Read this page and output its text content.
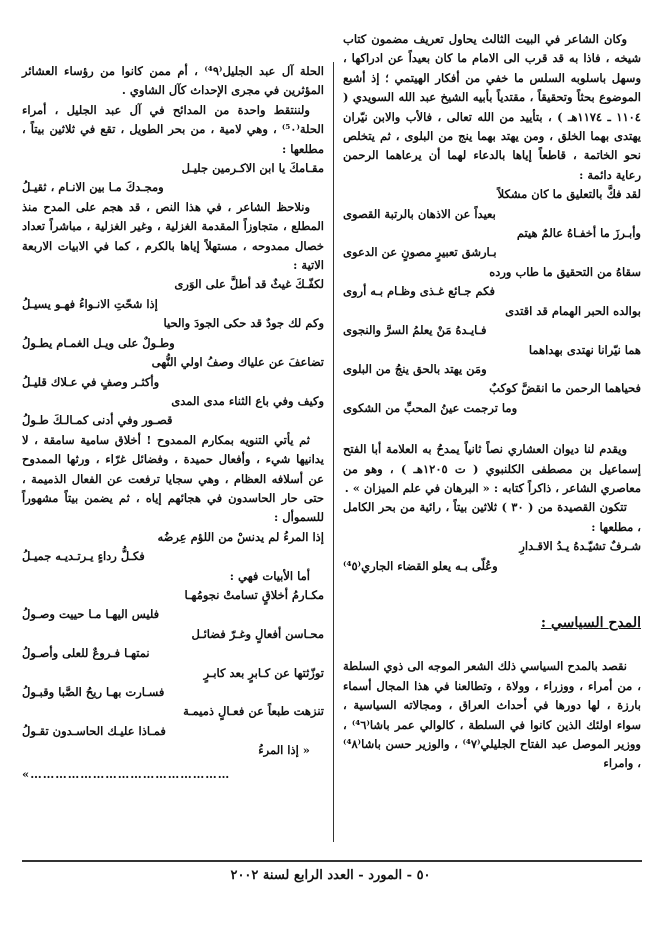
وكان الشاعر في البيت الثالث يحاول تعريف مضمون كتاب شيخه ، فاذا به قد قرب الى الامام ما كان بعيداً عن ادراكها ، وسهل باسلوبه السلس ما خفي من أفكار الهيتمي ؛ إذ أشبع الموضوع بحثاً وتحقيقاً ، مقتدياً بأبيه الشيخ عبد الله السويدي ( ١١٠٤ ـ ١١٧٤هـ ) ، بتأييد من الله تعالى ، فالأب والابن نيّران يهتدى بهما الخلق ، ومن يهتد بهما ينج من البلوى ، ثم يتخلص نحو الخاتمة ، قاطعاً إياها بالدعاء لهما أن يرعاهما الرحمن رعاية دائمة :

لقد فكَّ بالتعليق ما كان مشكلاً
بعيداً عن الاذهان بالرتبة القصوى
وأبـرزَ ما أخفـاهُ عالمٌ هيتم
بـارشق تعبيرٍ مصونٍ عن الدعوى
سقاهُ من التحقيق ما طاب ورده
فكم جـائع غـذى وظـام بـه أروى
بوالده الحبر الهمام قد اقتدى
فـايـدهُ مَنْ يعلمُ السرَّ والنجوى
هما نيّرانا نهتدى بهداهما
ومَن يهتد بالحق ينجُ من البلوى
فحياهما الرحمن ما انقضَّ كوكبٌ
وما ترجمت عينُ المحبِّ من الشكوى

ويقدم لنا ديوان العشاري نصاً ثانياً يمدحُ به العلامة أبا الفتح إسماعيل بن مصطفى الكلنبوي ( ت ١٢٠٥هـ ) ، وهو من معاصري الشاعر ، ذاكراً كتابه : « البرهان في علم الميزان » .

تتكون القصيدة من ( ٣٠ ) ثلاثين بيتاً ، رائية من بحر الكامل ، مطلعها :

شـرفٌ تشيّـدهُ يـدُ الاقـدارِ
وعُلّى بـه يعلو القضاء الجاري⁽⁴٥⁾
المدح السياسي :

نقصد بالمدح السياسي ذلك الشعر الموجه الى ذوي السلطة ، من أمراء ، ووزراء ، وولاة ، وتطالعنا في هذا المجال أسماء بارزة ، لها دورها في أحداث العراق ، ومجالاته السياسية ، سواء اولئك الذين كانوا في السلطة ، كالوالي عمر باشا⁽⁴٦⁾ ، ووزير الموصل عبد الفتاح الجليلي⁽⁴٧⁾ ، والوزير حسن باشا⁽⁴٨⁾ ، وامراء

الحلة آل عبد الجليل⁽⁴٩⁾ ، أم ممن كانوا من رؤساء العشائر المؤثرين في مجرى الإحداث كآل الشاوي .

ولننتقط واحدة من المدائح في آل عبد الجليل ، أمراء الحلة⁽⁵٠⁾ ، وهي لامية ، من بحر الطويل ، تقع في ثلاثين بيتاً ، مطلعها :

مقـامكَ يا ابن الاكـرمين جليـل
ومجـدكَ مـا بين الانـام ، ثقيـلُ

ونلاحظ الشاعر ، في هذا النص ، قد هجم على المدح منذ المطلع ، متجاوزاً المقدمة الغزلية ، وغير الغزلية ، مباشراً تعداد خصال ممدوحه ، مستهلاً إياها بالكرم ، كما في الابيات الاربعة الاتية :

لكفّـكَ غيثٌ قد أطلَّ على الوَرى
إذا شحّتِ الانـواءُ فهـو يسيـلُ
وكم لك جودٌ قد حكى الجودَ والحيا
وطـولٌ على ويـل الغمـام يطـولُ
تضاعفَ عن علياك وصفُ اولي النُّهى
وأكثـر وصفٍ في عـلاك قليـلُ
وكيف وفي باع الثناء مدى المدى
قصـور وفي أدنى كمـالـكَ طـولُ

ثم يأتي التنويه بمكارم الممدوح ! أخلاق سامية سامقة ، لا يدانيها شيء ، وأفعال حميدة ، وفضائل غرّاء ، ورثها الممدوح عن أسلافه العظام ، وهي سجايا ترفعت عن الفعال الذميمة ، حتى حار الحاسدون في هجائهم إياه ، ثم يضمن بيتاً مشهوراً للسموأل :

إذا المرءُ لم يدنسْ من اللؤم عِرضُه
فكـلُّ رداءٍ يـرتـديـه جميـلُ

أما الأبيات فهي :

مكـارمُ أخلاقٍ تسامتْ نجومُهـا
فليس اليهـا مـا حييت وصـولُ
محـاسن أفعالٍ وغـرّ فضائـل
نمتهـا فـروعٌ للعلى وأصـولُ
توزّثتها عن كـابرٍ بعد كابـرٍ
فسـارت بهـا ريحُ الصَّبا وقبـولُ
تنزهت طبعاً عن فعـالٍ ذميمـة
فمـاذا عليـك الحاسـدون تقـولُ

« إذا المرءُ

…………………………………………»

٥٠ - المورد - العدد الرابع لسنة ٢٠٠٢
